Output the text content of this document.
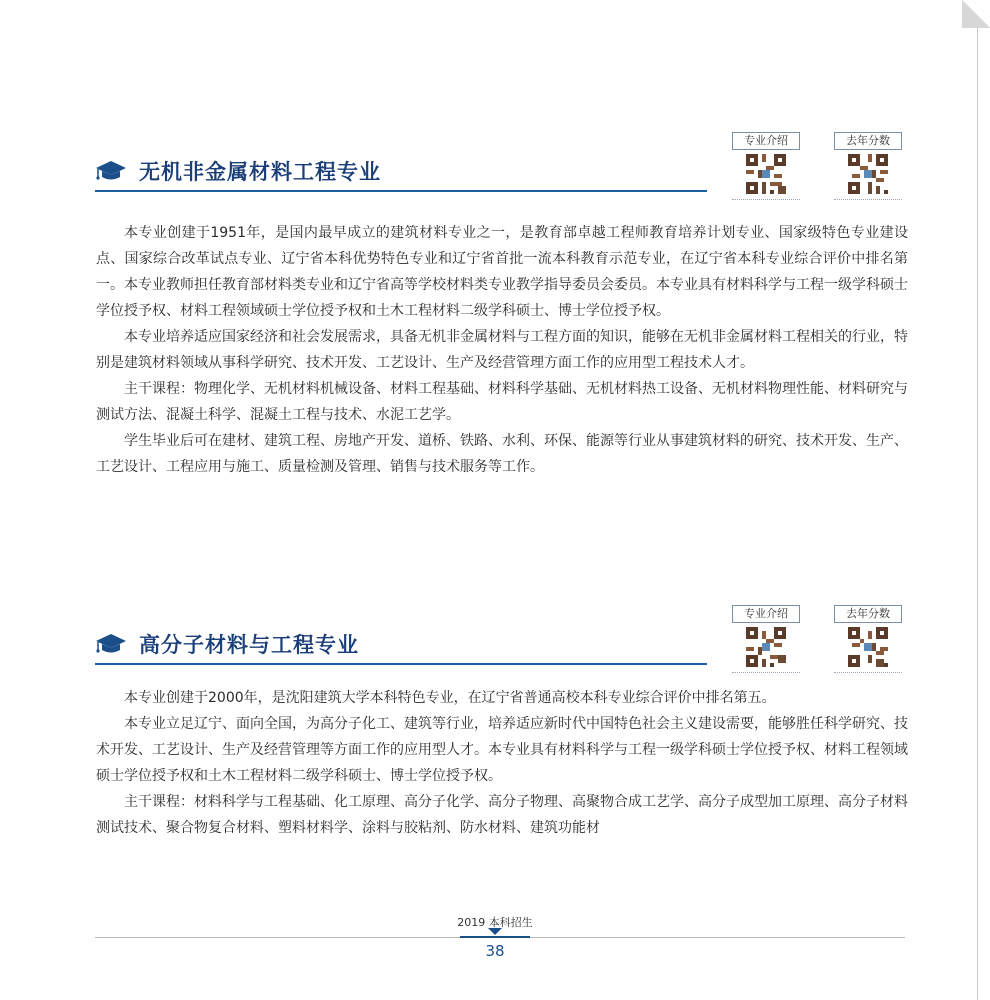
无机非金属材料工程专业
专业介绍	去年分数

本专业创建于1951年，是国内最早成立的建筑材料专业之一，是教育部卓越工程师教育培养计划专业、国家级特色专业建设点、国家综合改革试点专业、辽宁省本科优势特色专业和辽宁省首批一流本科教育示范专业，在辽宁省本科专业综合评价中排名第一。本专业教师担任教育部材料类专业和辽宁省高等学校材料类专业教学指导委员会委员。本专业具有材料科学与工程一级学科硕士学位授予权、材料工程领域硕士学位授予权和土木工程材料二级学科硕士、博士学位授予权。

本专业培养适应国家经济和社会发展需求，具备无机非金属材料与工程方面的知识，能够在无机非金属材料工程相关的行业，特别是建筑材料领域从事科学研究、技术开发、工艺设计、生产及经营管理方面工作的应用型工程技术人才。

主干课程：物理化学、无机材料机械设备、材料工程基础、材料科学基础、无机材料热工设备、无机材料物理性能、材料研究与测试方法、混凝土科学、混凝土工程与技术、水泥工艺学。

学生毕业后可在建材、建筑工程、房地产开发、道桥、铁路、水利、环保、能源等行业从事建筑材料的研究、技术开发、生产、工艺设计、工程应用与施工、质量检测及管理、销售与技术服务等工作。

高分子材料与工程专业
专业介绍	去年分数

本专业创建于2000年，是沈阳建筑大学本科特色专业，在辽宁省普通高校本科专业综合评价中排名第五。

本专业立足辽宁、面向全国，为高分子化工、建筑等行业，培养适应新时代中国特色社会主义建设需要，能够胜任科学研究、技术开发、工艺设计、生产及经营管理等方面工作的应用型人才。本专业具有材料科学与工程一级学科硕士学位授予权、材料工程领域硕士学位授予权和土木工程材料二级学科硕士、博士学位授予权。

主干课程：材料科学与工程基础、化工原理、高分子化学、高分子物理、高聚物合成工艺学、高分子成型加工原理、高分子材料测试技术、聚合物复合材料、塑料材料学、涂料与胶粘剂、防水材料、建筑功能材

2019 本科招生
38
